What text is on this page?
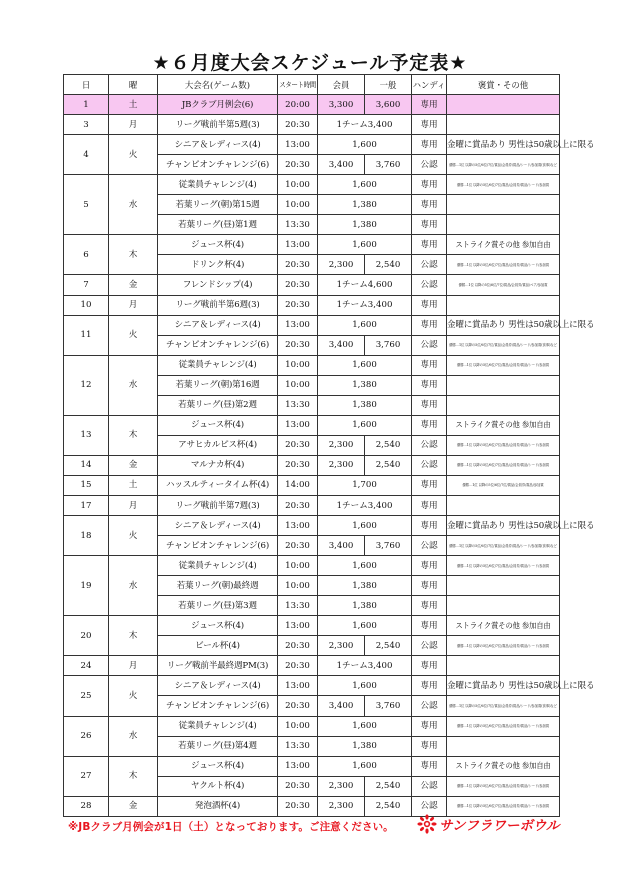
★６月度大会スケジュール予定表★
日	曜	大会名(ゲーム数)	スタート時間	会員	一般	ハンディ	褒賞・その他
1	土	JBクラブ月例会(6)	20:00	3,300	3,600	専用	
3	月	リーグ戦前半第5週(3)	20:30	1チーム3,400		専用	
4	火	シニア＆レディース(4)	13:00	1,600		専用	金曜に賞品あり 男性は50歳以上に限る
		チャンピオンチャレンジ(6)	20:30	3,400	3,760	公認	優勝…1位 以降の5位/6位/7位/賞品/会員券/賞品/シード/参加賞(食事)など
5	水	従業員チャレンジ(4)	10:00	1,600		専用	優勝…1位 以降の5位/6位/7位/賞品/会員券/賞品/シード/参加賞
		若葉リーグ(朝)第15週	10:00	1,380		専用	
		若葉リーグ(昼)第1週	13:30	1,380		専用	
6	木	ジュース杯(4)	13:00	1,600		専用	ストライク賞その他 参加自由
		ドリンク杯(4)	20:30	2,300	2,540	公認	優勝…1位 以降の5位/6位/7位/賞品/会員券/賞品/シード/参加賞
7	金	フレンドシップ(4)	20:30	1チーム4,600		公認	優勝…1位 以降の5位/6位/7位/賞品/会員券/賞品/ペア/参加賞
10	月	リーグ戦前半第6週(3)	20:30	1チーム3,400		専用	
11	火	シニア＆レディース(4)	13:00	1,600		専用	金曜に賞品あり 男性は50歳以上に限る
		チャンピオンチャレンジ(6)	20:30	3,400	3,760	公認	優勝…1位 以降の5位/6位/7位/賞品/会員券/賞品/シード/参加賞(食事)など
12	水	従業員チャレンジ(4)	10:00	1,600		専用	優勝…1位 以降の5位/6位/7位/賞品/会員券/賞品/シード/参加賞
		若葉リーグ(朝)第16週	10:00	1,380		専用	
		若葉リーグ(昼)第2週	13:30	1,380		専用	
13	木	ジュース杯(4)	13:00	1,600		専用	ストライク賞その他 参加自由
		アサヒカルピス杯(4)	20:30	2,300	2,540	公認	優勝…1位 以降の5位/6位/7位/賞品/会員券/賞品/シード/参加賞
14	金	マルナカ杯(4)	20:30	2,300	2,540	公認	優勝…1位 以降の5位/6位/7位/賞品/会員券/賞品/シード/参加賞
15	土	ハッスルティータイム杯(4)	14:00	1,700		専用	優勝…1位 以降の5位/6位/7位/賞品/会員券/賞品/参加賞
17	月	リーグ戦前半第7週(3)	20:30	1チーム3,400		専用	
18	火	シニア＆レディース(4)	13:00	1,600		専用	金曜に賞品あり 男性は50歳以上に限る
		チャンピオンチャレンジ(6)	20:30	3,400	3,760	公認	優勝…1位 以降の5位/6位/7位/賞品/会員券/賞品/シード/参加賞(食事)など
19	水	従業員チャレンジ(4)	10:00	1,600		専用	優勝…1位 以降の5位/6位/7位/賞品/会員券/賞品/シード/参加賞
		若葉リーグ(朝)最終週	10:00	1,380		専用	
		若葉リーグ(昼)第3週	13:30	1,380		専用	
20	木	ジュース杯(4)	13:00	1,600		専用	ストライク賞その他 参加自由
		ビール杯(4)	20:30	2,300	2,540	公認	優勝…1位 以降の5位/6位/7位/賞品/会員券/賞品/シード/参加賞
24	月	リーグ戦前半最終週PM(3)	20:30	1チーム3,400		専用	
25	火	シニア＆レディース(4)	13:00	1,600		専用	金曜に賞品あり 男性は50歳以上に限る
		チャンピオンチャレンジ(6)	20:30	3,400	3,760	公認	優勝…1位 以降の5位/6位/7位/賞品/会員券/賞品/シード/参加賞(食事)など
26	水	従業員チャレンジ(4)	10:00	1,600		専用	優勝…1位 以降の5位/6位/7位/賞品/会員券/賞品/シード/参加賞
		若葉リーグ(昼)第4週	13:30	1,380		専用	
27	木	ジュース杯(4)	13:00	1,600		専用	ストライク賞その他 参加自由
		ヤクルト杯(4)	20:30	2,300	2,540	公認	優勝…1位 以降の5位/6位/7位/賞品/会員券/賞品/シード/参加賞
28	金	発泡酒杯(4)	20:30	2,300	2,540	公認	優勝…1位 以降の5位/6位/7位/賞品/会員券/賞品/シード/参加賞
※JBクラブ月例会が1日（土）となっております。ご注意ください。	サンフラワーボウル
